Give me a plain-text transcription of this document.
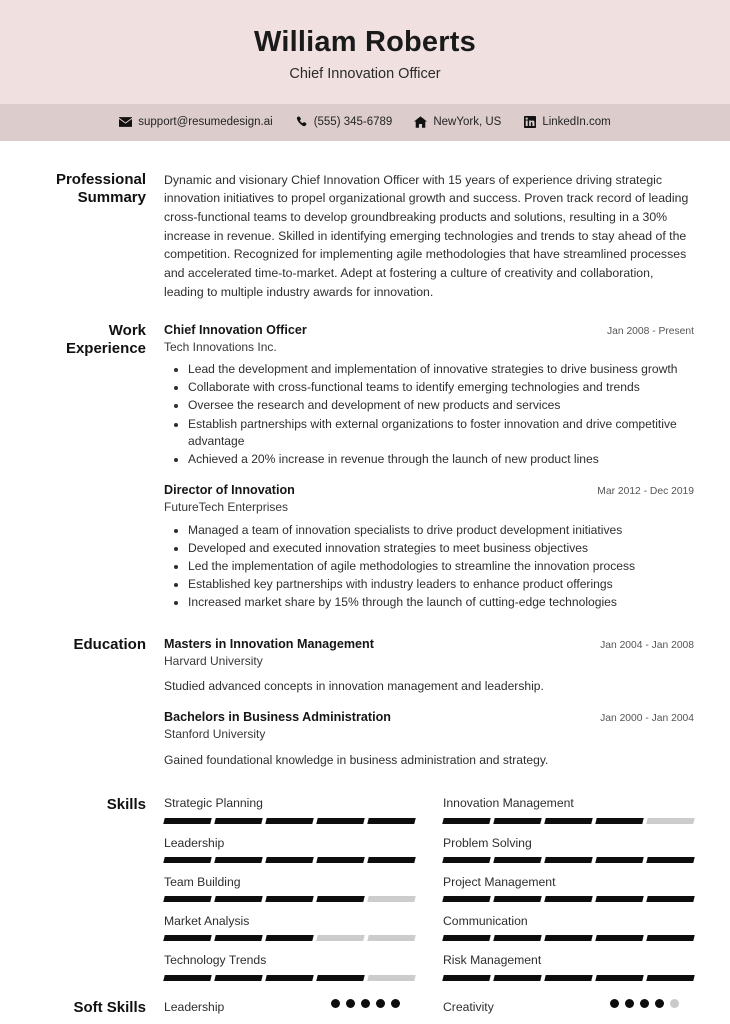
William Roberts
Chief Innovation Officer
support@resumedesign.ai	(555) 345-6789	NewYork, US	LinkedIn.com
Professional Summary
Dynamic and visionary Chief Innovation Officer with 15 years of experience driving strategic innovation initiatives to propel organizational growth and success. Proven track record of leading cross-functional teams to develop groundbreaking products and solutions, resulting in a 30% increase in revenue. Skilled in identifying emerging technologies and trends to stay ahead of the competition. Recognized for implementing agile methodologies that have streamlined processes and accelerated time-to-market. Adept at fostering a culture of creativity and collaboration, leading to multiple industry awards for innovation.
Work Experience
Chief Innovation Officer	Jan 2008 - Present
Tech Innovations Inc.
• Lead the development and implementation of innovative strategies to drive business growth
• Collaborate with cross-functional teams to identify emerging technologies and trends
• Oversee the research and development of new products and services
• Establish partnerships with external organizations to foster innovation and drive competitive advantage
• Achieved a 20% increase in revenue through the launch of new product lines
Director of Innovation	Mar 2012 - Dec 2019
FutureTech Enterprises
• Managed a team of innovation specialists to drive product development initiatives
• Developed and executed innovation strategies to meet business objectives
• Led the implementation of agile methodologies to streamline the innovation process
• Established key partnerships with industry leaders to enhance product offerings
• Increased market share by 15% through the launch of cutting-edge technologies
Education	Masters in Innovation Management	Jan 2004 - Jan 2008
Harvard University
Studied advanced concepts in innovation management and leadership.
Bachelors in Business Administration	Jan 2000 - Jan 2004
Stanford University
Gained foundational knowledge in business administration and strategy.
Skills	Strategic Planning	Innovation Management
Leadership	Problem Solving
Team Building	Project Management
Market Analysis	Communication
Technology Trends	Risk Management
Soft Skills	Leadership	Creativity
